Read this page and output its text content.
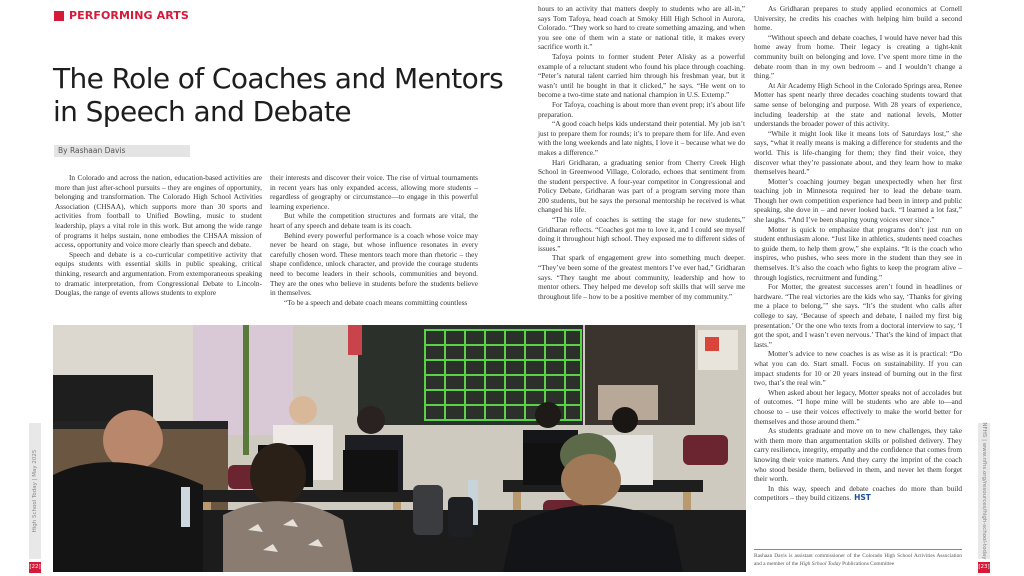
PERFORMING ARTS
The Role of Coaches and Mentors in Speech and Debate
By Rashaan Davis

In Colorado and across the nation, education-based activities are more than just after-school pursuits – they are engines of opportunity, belonging and transformation. The Colorado High School Activities Association (CHSAA), which supports more than 30 sports and activities from football to Unified Bowling, music to student leadership, plays a vital role in this work. But among the wide range of programs it helps sustain, none embodies the CHSAA mission of access, opportunity and voice more clearly than speech and debate.

Speech and debate is a co-curricular competitive activity that equips students with essential skills in public speaking, critical thinking, research and argumentation. From extemporaneous speaking to dramatic interpretation, from Congressional Debate to Lincoln-Douglas, the range of events allows students to explore

their interests and discover their voice. The rise of virtual tournaments in recent years has only expanded access, allowing more students – regardless of geography or circumstance—to engage in this powerful learning experience.

But while the competition structures and formats are vital, the heart of any speech and debate team is its coach.

Behind every powerful performance is a coach whose voice may never be heard on stage, but whose influence resonates in every carefully chosen word. These mentors teach more than rhetoric – they shape confidence, unlock character, and provide the courage students need to become leaders in their schools, communities and beyond. They are the ones who believe in students before the students believe in themselves.

“To be a speech and debate coach means committing countless

hours to an activity that matters deeply to students who are all-in,” says Tom Tafoya, head coach at Smoky Hill High School in Aurora, Colorado. “They work so hard to create something amazing, and when you see one of them win a state or national title, it makes every sacrifice worth it.”

Tafoya points to former student Peter Alisky as a powerful example of a reluctant student who found his place through coaching. “Peter’s natural talent carried him through his freshman year, but it wasn’t until he bought in that it clicked,” he says. “He went on to become a two-time state and national champion in U.S. Extemp.”

For Tafoya, coaching is about more than event prep; it’s about life preparation.

“A good coach helps kids understand their potential. My job isn’t just to prepare them for rounds; it’s to prepare them for life. And even with the long weekends and late nights, I love it – because what we do makes a difference.”

Hari Gridharan, a graduating senior from Cherry Creek High School in Greenwood Village, Colorado, echoes that sentiment from the student perspective. A four-year competitor in Congressional and Policy Debate, Gridharan was part of a program serving more than 200 students, but he says the personal mentorship he received is what changed his life.

“The role of coaches is setting the stage for new students,” Gridharan reflects. “Coaches got me to love it, and I could see myself doing it throughout high school. They exposed me to different sides of issues.”

That spark of engagement grew into something much deeper. “They’ve been some of the greatest mentors I’ve ever had,” Gridharan says. “They taught me about community, leadership and how to mentor others. They helped me develop soft skills that will serve me throughout life – how to be a positive member of my community.”

As Gridharan prepares to study applied economics at Cornell University, he credits his coaches with helping him build a second home.

“Without speech and debate coaches, I would have never had this home away from home. Their legacy is creating a tight-knit community built on belonging and love. I’ve spent more time in the debate room than in my own bedroom – and I wouldn’t change a thing.”

At Air Academy High School in the Colorado Springs area, Renee Motter has spent nearly three decades coaching students toward that same sense of belonging and purpose. With 28 years of experience, including leadership at the state and national levels, Motter understands the broader power of this activity.

“While it might look like it means lots of Saturdays lost,” she says, “what it really means is making a difference for students and the world. This is life-changing for them; they find their voice, they discover what they’re passionate about, and they learn how to make themselves heard.”

Motter’s coaching journey began unexpectedly when her first teaching job in Minnesota required her to lead the debate team. Though her own competition experience had been in interp and public speaking, she dove in – and never looked back. “I learned a lot fast,” she laughs. “And I’ve been shaping young voices ever since.”

Motter is quick to emphasize that programs don’t just run on student enthusiasm alone. “Just like in athletics, students need coaches to guide them, to help them grow,” she explains. “It is the coach who inspires, who pushes, who sees more in the student than they see in themselves. It’s also the coach who fights to keep the program alive – through logistics, recruitment and funding.”

For Motter, the greatest successes aren’t found in headlines or hardware. “The real victories are the kids who say, ‘Thanks for giving me a place to belong,’” she says. “It’s the student who calls after college to say, ‘Because of speech and debate, I nailed my first big presentation.’ Or the one who texts from a doctoral interview to say, ‘I got the spot, and I wasn’t even nervous.’ That’s the kind of impact that lasts.”

Motter’s advice to new coaches is as wise as it is practical: “Do what you can do. Start small. Focus on sustainability. If you can impact students for 10 or 20 years instead of burning out in the first two, that’s the real win.”

When asked about her legacy, Motter speaks not of accolades but of outcomes. “I hope mine will be students who are able to—and choose to – use their voices effectively to make the world better for themselves and those around them.”

As students graduate and move on to new challenges, they take with them more than argumentation skills or polished delivery. They carry resilience, integrity, empathy and the confidence that comes from knowing their voice matters. And they carry the imprint of the coach who stood beside them, believed in them, and never let them forget their worth.

In this way, speech and debate coaches do more than build competitors – they build citizens. HST

Rashaan Davis is assistant commissioner of the Colorado High School Activities Association and a member of the High School Today Publications Committee
High School Today | May 2025
[22]
NFHS | www.nfhs.org/resources/high-school-today
[23]
